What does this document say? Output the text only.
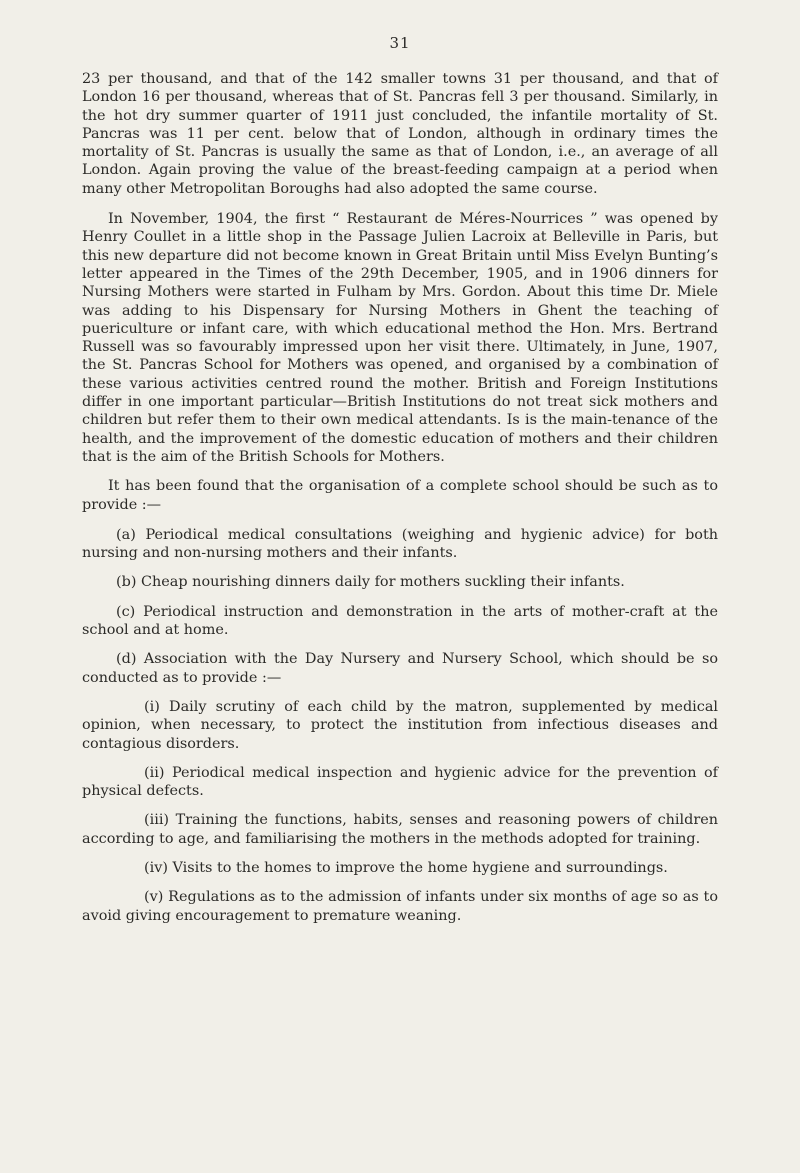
31

23 per thousand, and that of the 142 smaller towns 31 per thousand, and that of London 16 per thousand, whereas that of St. Pancras fell 3 per thousand. Similarly, in the hot dry summer quarter of 1911 just concluded, the infantile mortality of St. Pancras was 11 per cent. below that of London, although in ordinary times the mortality of St. Pancras is usually the same as that of London, i.e., an average of all London. Again proving the value of the breast-feeding campaign at a period when many other Metropolitan Boroughs had also adopted the same course.

In November, 1904, the first “ Restaurant de Méres-Nourrices ” was opened by Henry Coullet in a little shop in the Passage Julien Lacroix at Belleville in Paris, but this new departure did not become known in Great Britain until Miss Evelyn Bunting’s letter appeared in the Times of the 29th December, 1905, and in 1906 dinners for Nursing Mothers were started in Fulham by Mrs. Gordon. About this time Dr. Miele was adding to his Dispensary for Nursing Mothers in Ghent the teaching of puericulture or infant care, with which educational method the Hon. Mrs. Bertrand Russell was so favourably impressed upon her visit there. Ultimately, in June, 1907, the St. Pancras School for Mothers was opened, and organised by a combination of these various activities centred round the mother. British and Foreign Institutions differ in one important particular—British Institutions do not treat sick mothers and children but refer them to their own medical attendants. Is is the main-tenance of the health, and the improvement of the domestic education of mothers and their children that is the aim of the British Schools for Mothers.

It has been found that the organisation of a complete school should be such as to provide :—

(a) Periodical medical consultations (weighing and hygienic advice) for both nursing and non-nursing mothers and their infants.

(b) Cheap nourishing dinners daily for mothers suckling their infants.

(c) Periodical instruction and demonstration in the arts of mother-craft at the school and at home.

(d) Association with the Day Nursery and Nursery School, which should be so conducted as to provide :—

(i) Daily scrutiny of each child by the matron, supplemented by medical opinion, when necessary, to protect the institution from infectious diseases and contagious disorders.

(ii) Periodical medical inspection and hygienic advice for the prevention of physical defects.

(iii) Training the functions, habits, senses and reasoning powers of children according to age, and familiarising the mothers in the methods adopted for training.

(iv) Visits to the homes to improve the home hygiene and surroundings.

(v) Regulations as to the admission of infants under six months of age so as to avoid giving encouragement to premature weaning.
